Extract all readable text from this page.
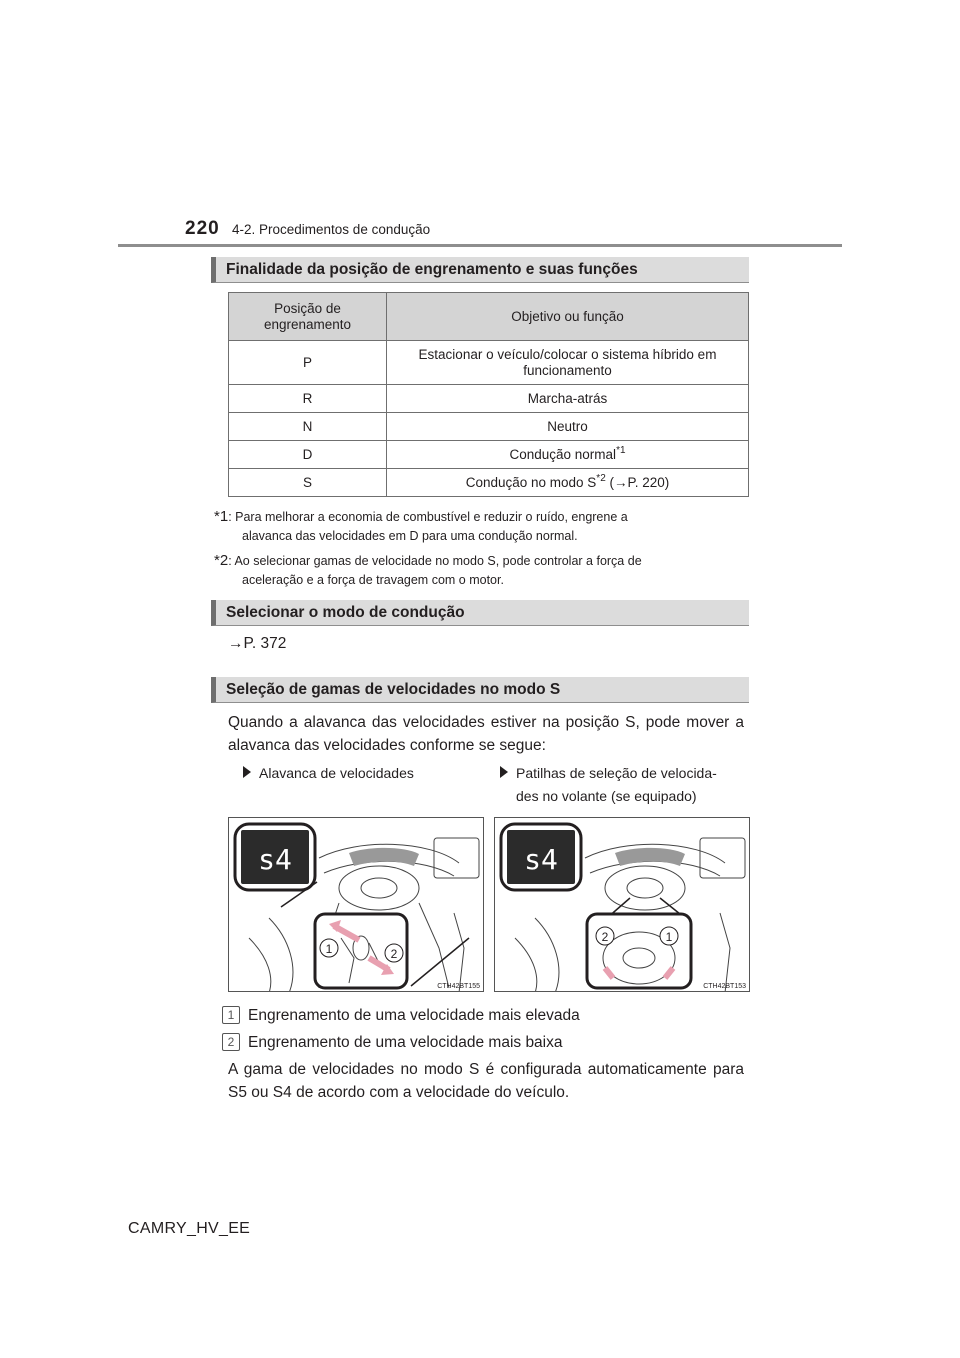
220 4-2. Procedimentos de condução
Finalidade da posição de engrenamento e suas funções
Posição de engrenamento	Objetivo ou função
P	Estacionar o veículo/colocar o sistema híbrido em funcionamento
R	Marcha-atrás
N	Neutro
D	Condução normal$^{*1}$
S	Condução no modo $S^{*2}$ (→P. 220)
*1: Para melhorar a economia de combustível e reduzir o ruído, engrene a
alavanca das velocidades em D para uma condução normal.
*2: Ao selecionar gamas de velocidade no modo S, pode controlar a força de
aceleração e a força de travagem com o motor.
Selecionar o modo de condução
→P. 372
Seleção de gamas de velocidades no modo S
Quando a alavanca das velocidades estiver na posição S, pode mover a alavanca das velocidades conforme se segue:
Alavanca de velocidades	Patilhas de seleção de velocida-
des no volante (se equipado)
s4
1	2
CTH42BT155
s4
2	1
CTH42BT153
1 Engrenamento de uma velocidade mais elevada
2 Engrenamento de uma velocidade mais baixa
A gama de velocidades no modo S é configurada automaticamente para S5 ou S4 de acordo com a velocidade do veículo.
CAMRY_HV_EE
